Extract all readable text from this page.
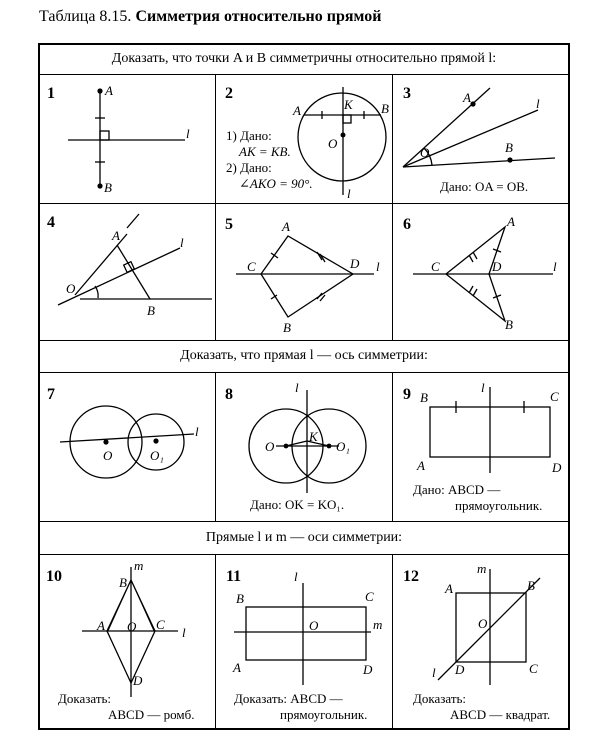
Таблица 8.15. Симметрия относительно прямой
Доказать, что точки A и B симметричны относительно прямой l:
Доказать, что прямая l — ось симметрии:
Прямые l и m — оси симметрии:
1	A
B
l
2
A	B
K
O
l
1) Дано:
AK = KB.
2) Дано:
∠AKO = 90°.
3	A
B
O
l
Дано: OA = OB.
4
A
B
O
l
5	A
B
C	D l
6	A
B
C	D	l
7
O	O₁
l
8
O	O₁
K
l
Дано: OK = KO₁.
9 B	C
A	D
l
Дано: ABCD —
прямоугольник.
10	B
m
A O C
l
D
Доказать:
ABCD — ромб.
11
B	C
A	D
O	m
l
Доказать: ABCD —
прямоугольник.
12	m
A	B
O
D	C
l
Доказать:
ABCD — квадрат.
